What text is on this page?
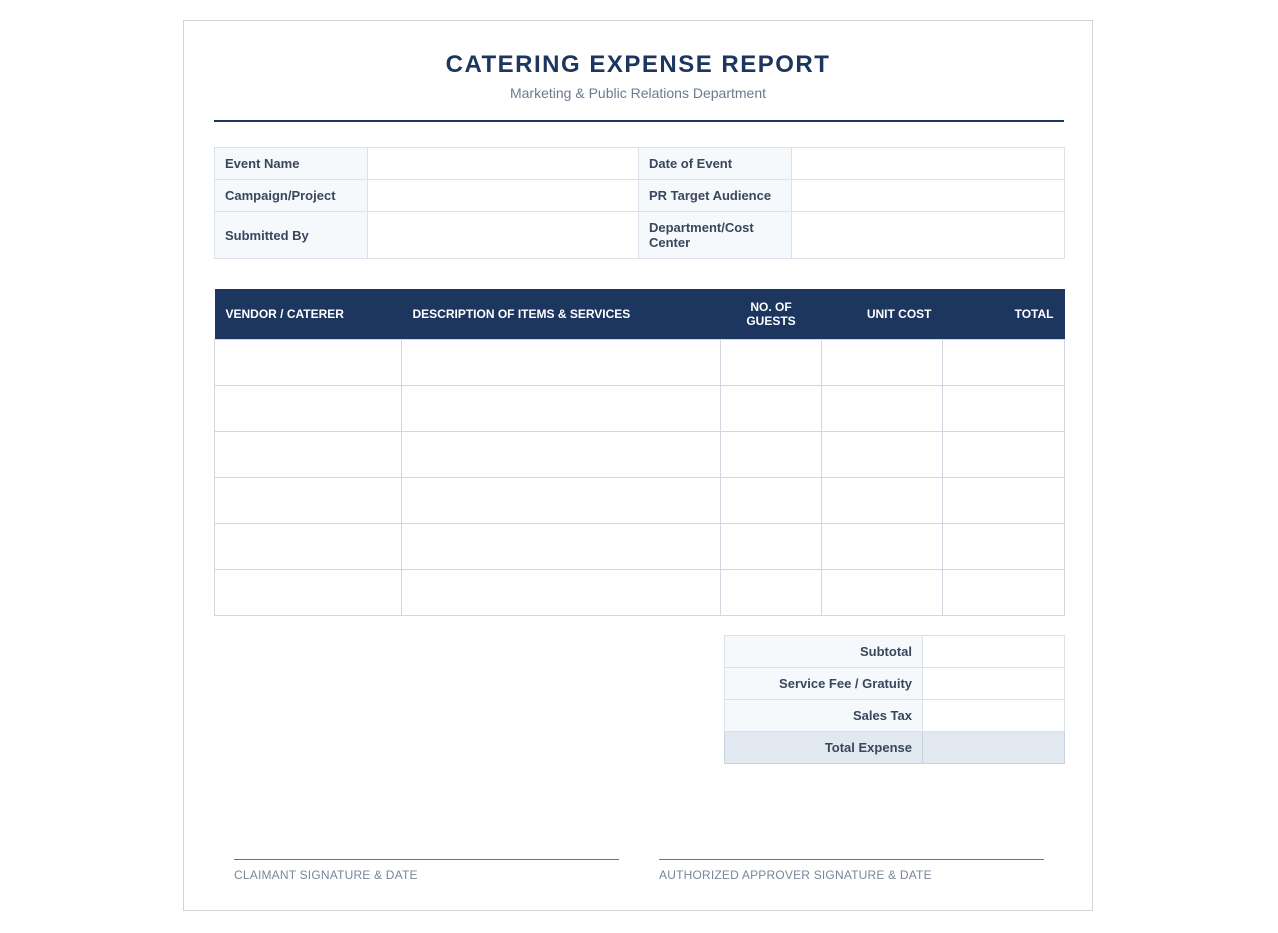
CATERING EXPENSE REPORT
Marketing & Public Relations Department
Event Name		Date of Event	
Campaign/Project		PR Target Audience	
Submitted By		Department/Cost Center	
VENDOR / CATERER	DESCRIPTION OF ITEMS & SERVICES	NO. OF GUESTS	UNIT COST	TOTAL

Subtotal	
Service Fee / Gratuity	
Sales Tax	
Total Expense	
CLAIMANT SIGNATURE & DATE	AUTHORIZED APPROVER SIGNATURE & DATE
